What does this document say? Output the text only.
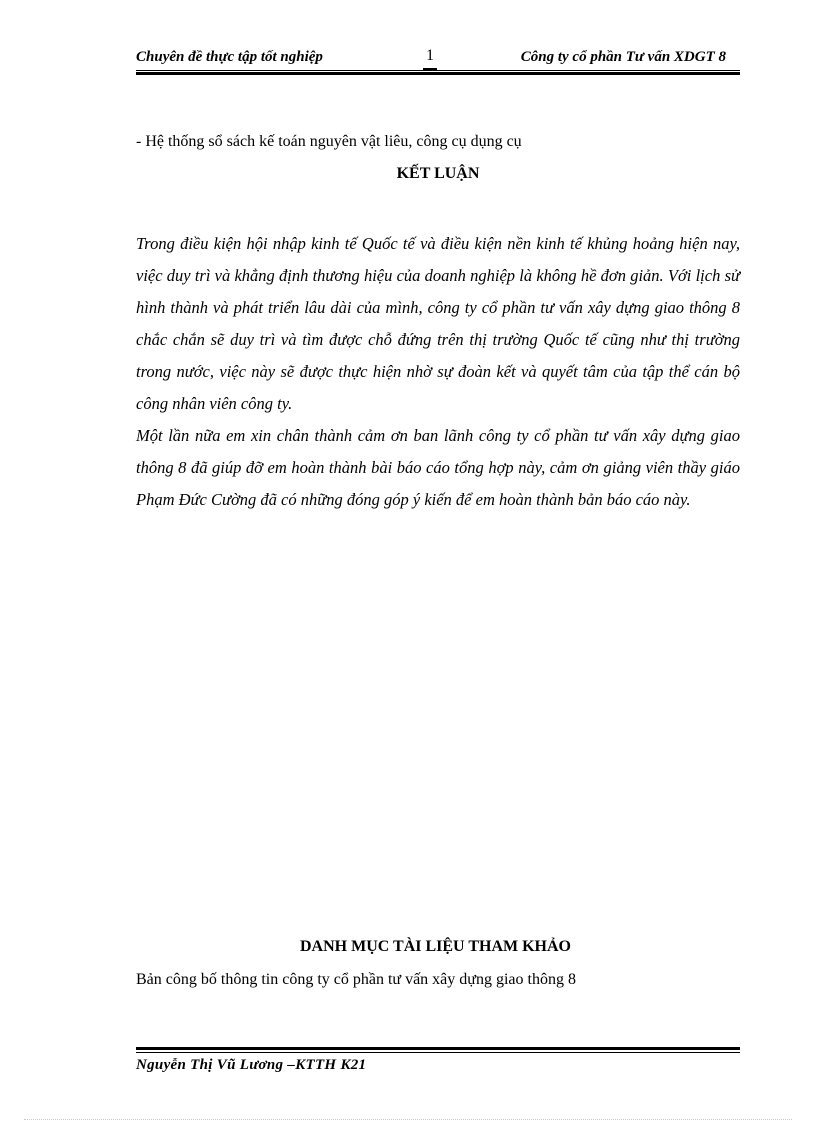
Chuyên đề thực tập tốt nghiệp	1	Công ty cổ phần Tư vấn XDGT 8
- Hệ thống sổ sách kế toán nguyên vật liêu, công cụ dụng cụ
KẾT LUẬN

Trong điều kiện hội nhập kinh tế Quốc tế và điều kiện nền kinh tế khủng hoảng hiện nay, việc duy trì và khẳng định thương hiệu của doanh nghiệp là không hề đơn giản. Với lịch sử hình thành và phát triển lâu dài của mình, công ty cổ phần tư vấn xây dựng giao thông 8 chắc chắn sẽ duy trì và tìm được chỗ đứng trên thị trường Quốc tế cũng như thị trường trong nước, việc này sẽ được thực hiện nhờ sự đoàn kết và quyết tâm của tập thể cán bộ công nhân viên công ty.

Một lần nữa em xin chân thành cảm ơn ban lãnh công ty cổ phần tư vấn xây dựng giao thông 8 đã giúp đỡ em hoàn thành bài báo cáo tổng hợp này, cảm ơn giảng viên thầy giáo Phạm Đức Cường đã có những đóng góp ý kiến để em hoàn thành bản báo cáo này.

DANH MỤC TÀI LIỆU THAM KHẢO
Bản công bố thông tin công ty cổ phần tư vấn xây dựng giao thông 8
Nguyễn Thị Vũ Lương –KTTH K21
